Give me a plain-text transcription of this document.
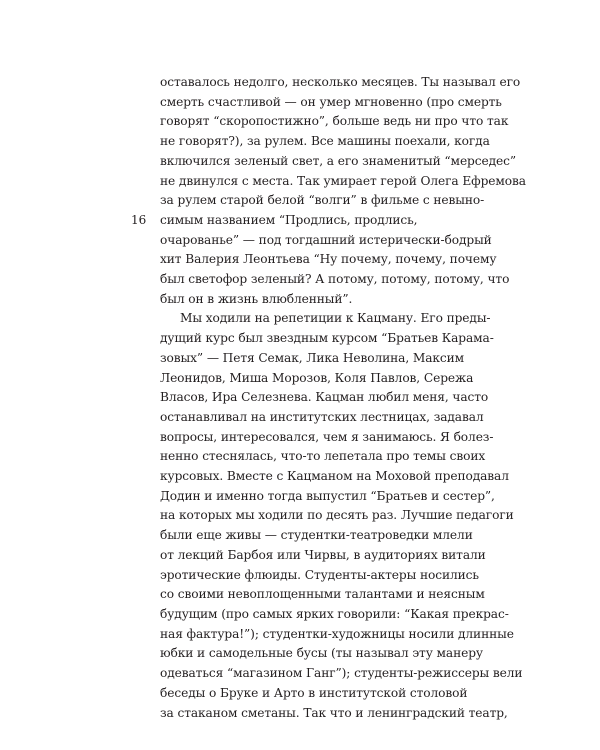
16
оставалось недолго, несколько месяцев. Ты называл его
смерть счастливой — он умер мгновенно (про смерть
говорят “скоропостижно”, больше ведь ни про что так
не говорят?), за рулем. Все машины поехали, когда
включился зеленый свет, а его знаменитый “мерседес”
не двинулся с места. Так умирает герой Олега Ефремова
за рулем старой белой “волги” в фильме с невыно-
симым названием “Продлись, продлись,
очарованье” — под тогдашний истерически-бодрый
хит Валерия Леонтьева “Ну почему, почему, почему
был светофор зеленый? А потому, потому, потому, что
был он в жизнь влюбленный”.
Мы ходили на репетиции к Кацману. Его преды-
дущий курс был звездным курсом “Братьев Карама-
зовых” — Петя Семак, Лика Неволина, Максим
Леонидов, Миша Морозов, Коля Павлов, Сережа
Власов, Ира Селезнева. Кацман любил меня, часто
останавливал на институтских лестницах, задавал
вопросы, интересовался, чем я занимаюсь. Я болез-
ненно стеснялась, что-то лепетала про темы своих
курсовых. Вместе с Кацманом на Моховой преподавал
Додин и именно тогда выпустил “Братьев и сестер”,
на которых мы ходили по десять раз. Лучшие педагоги
были еще живы — студентки-театроведки млели
от лекций Барбоя или Чирвы, в аудиториях витали
эротические флюиды. Студенты-актеры носились
со своими невоплощенными талантами и неясным
будущим (про самых ярких говорили: “Какая прекрас-
ная фактура!”); студентки-художницы носили длинные
юбки и самодельные бусы (ты называл эту манеру
одеваться “магазином Ганг”); студенты-режиссеры вели
беседы о Бруке и Арто в институтской столовой
за стаканом сметаны. Так что и ленинградский театр,
